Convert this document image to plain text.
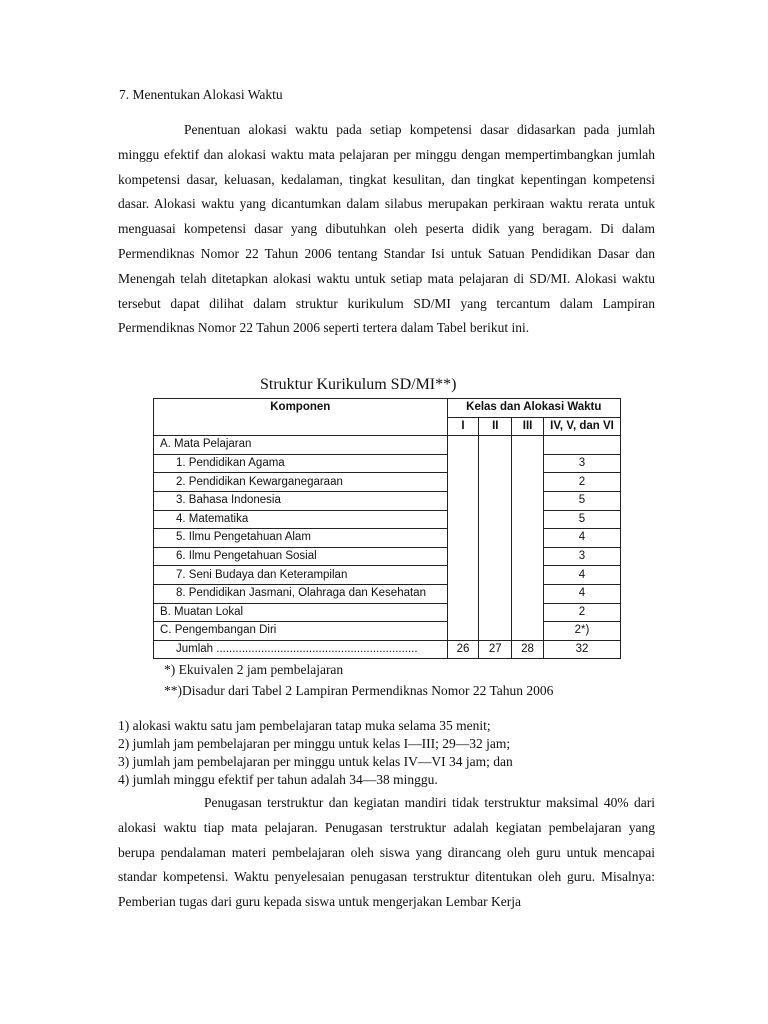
7. Menentukan Alokasi Waktu

Penentuan alokasi waktu pada setiap kompetensi dasar didasarkan pada jumlah minggu efektif dan alokasi waktu mata pelajaran per minggu dengan mempertimbangkan jumlah kompetensi dasar, keluasan, kedalaman, tingkat kesulitan, dan tingkat kepentingan kompetensi dasar. Alokasi waktu yang dicantumkan dalam silabus merupakan perkiraan waktu rerata untuk menguasai kompetensi dasar yang dibutuhkan oleh peserta didik yang beragam. Di dalam Permendiknas Nomor 22 Tahun 2006 tentang Standar Isi untuk Satuan Pendidikan Dasar dan Menengah telah ditetapkan alokasi waktu untuk setiap mata pelajaran di SD/MI. Alokasi waktu tersebut dapat dilihat dalam struktur kurikulum SD/MI yang tercantum dalam Lampiran Permendiknas Nomor 22 Tahun 2006 seperti tertera dalam Tabel berikut ini.

Struktur Kurikulum SD/MI**)

Komponen	Kelas dan Alokasi Waktu			
	I	II	III	IV, V, dan VI
A. Mata Pelajaran				
1. Pendidikan Agama				3
2. Pendidikan Kewarganegaraan				2
3. Bahasa Indonesia				5
4. Matematika				5
5. Ilmu Pengetahuan Alam				4
6. Ilmu Pengetahuan Sosial				3
7. Seni Budaya dan Keterampilan				4
8. Pendidikan Jasmani, Olahraga dan Kesehatan				4
B. Muatan Lokal				2
C. Pengembangan Diri				2*)
Jumlah ...............................................................	26	27	28	32

*) Ekuivalen 2 jam pembelajaran

**)Disadur dari Tabel 2 Lampiran Permendiknas Nomor 22 Tahun 2006

1) alokasi waktu satu jam pembelajaran tatap muka selama 35 menit;
2) jumlah jam pembelajaran per minggu untuk kelas I—III; 29—32 jam;
3) jumlah jam pembelajaran per minggu untuk kelas IV—VI 34 jam; dan
4) jumlah minggu efektif per tahun adalah 34—38 minggu.

Penugasan terstruktur dan kegiatan mandiri tidak terstruktur maksimal 40% dari alokasi waktu tiap mata pelajaran. Penugasan terstruktur adalah kegiatan pembelajaran yang berupa pendalaman materi pembelajaran oleh siswa yang dirancang oleh guru untuk mencapai standar kompetensi. Waktu penyelesaian penugasan terstruktur ditentukan oleh guru. Misalnya: Pemberian tugas dari guru kepada siswa untuk mengerjakan Lembar Kerja
